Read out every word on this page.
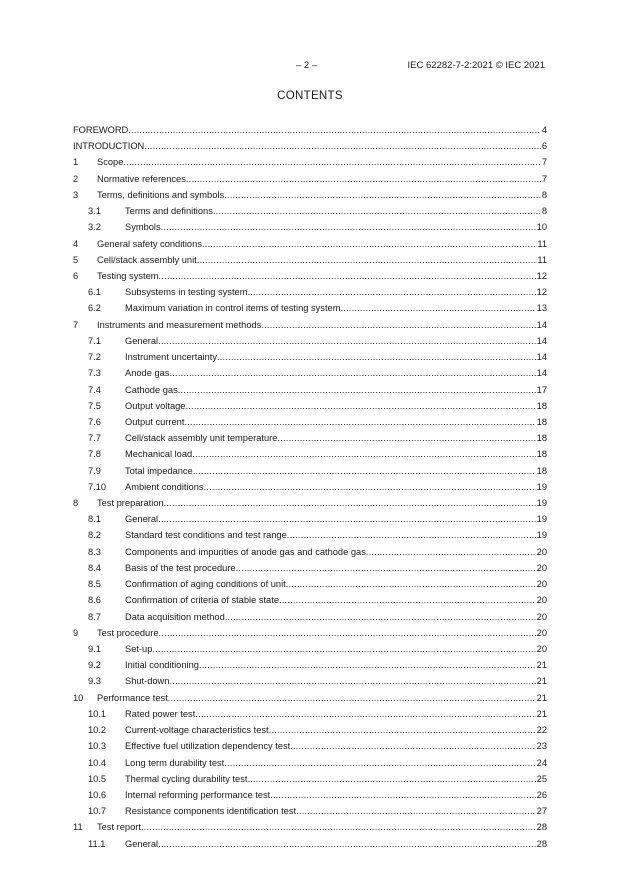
– 2 –	IEC 62282-7-2:2021 © IEC 2021
CONTENTS
FOREWORD .....	4
INTRODUCTION .....	6
1	Scope .....	7
2	Normative references .....	7
3	Terms, definitions and symbols .....	8
3.1	Terms and definitions .....	8
3.2	Symbols .....	10
4	General safety conditions .....	11
5	Cell/stack assembly unit .....	11
6	Testing system .....	12
6.1	Subsystems in testing system .....	12
6.2	Maximum variation in control items of testing system .....	13
7	Instruments and measurement methods .....	14
7.1	General .....	14
7.2	Instrument uncertainty .....	14
7.3	Anode gas .....	14
7.4	Cathode gas .....	17
7.5	Output voltage .....	18
7.6	Output current .....	18
7.7	Cell/stack assembly unit temperature .....	18
7.8	Mechanical load .....	18
7.9	Total impedance .....	18
7.10	Ambient conditions .....	19
8	Test preparation .....	19
8.1	General .....	19
8.2	Standard test conditions and test range .....	19
8.3	Components and impurities of anode gas and cathode gas .....	20
8.4	Basis of the test procedure .....	20
8.5	Confirmation of aging conditions of unit .....	20
8.6	Confirmation of criteria of stable state .....	20
8.7	Data acquisition method .....	20
9	Test procedure .....	20
9.1	Set-up .....	20
9.2	Initial conditioning .....	21
9.3	Shut-down .....	21
10	Performance test .....	21
10.1	Rated power test .....	21
10.2	Current-voltage characteristics test .....	22
10.3	Effective fuel utilization dependency test .....	23
10.4	Long term durability test .....	24
10.5	Thermal cycling durability test .....	25
10.6	Internal reforming performance test .....	26
10.7	Resistance components identification test .....	27
11	Test report .....	28
11.1	General .....	28
